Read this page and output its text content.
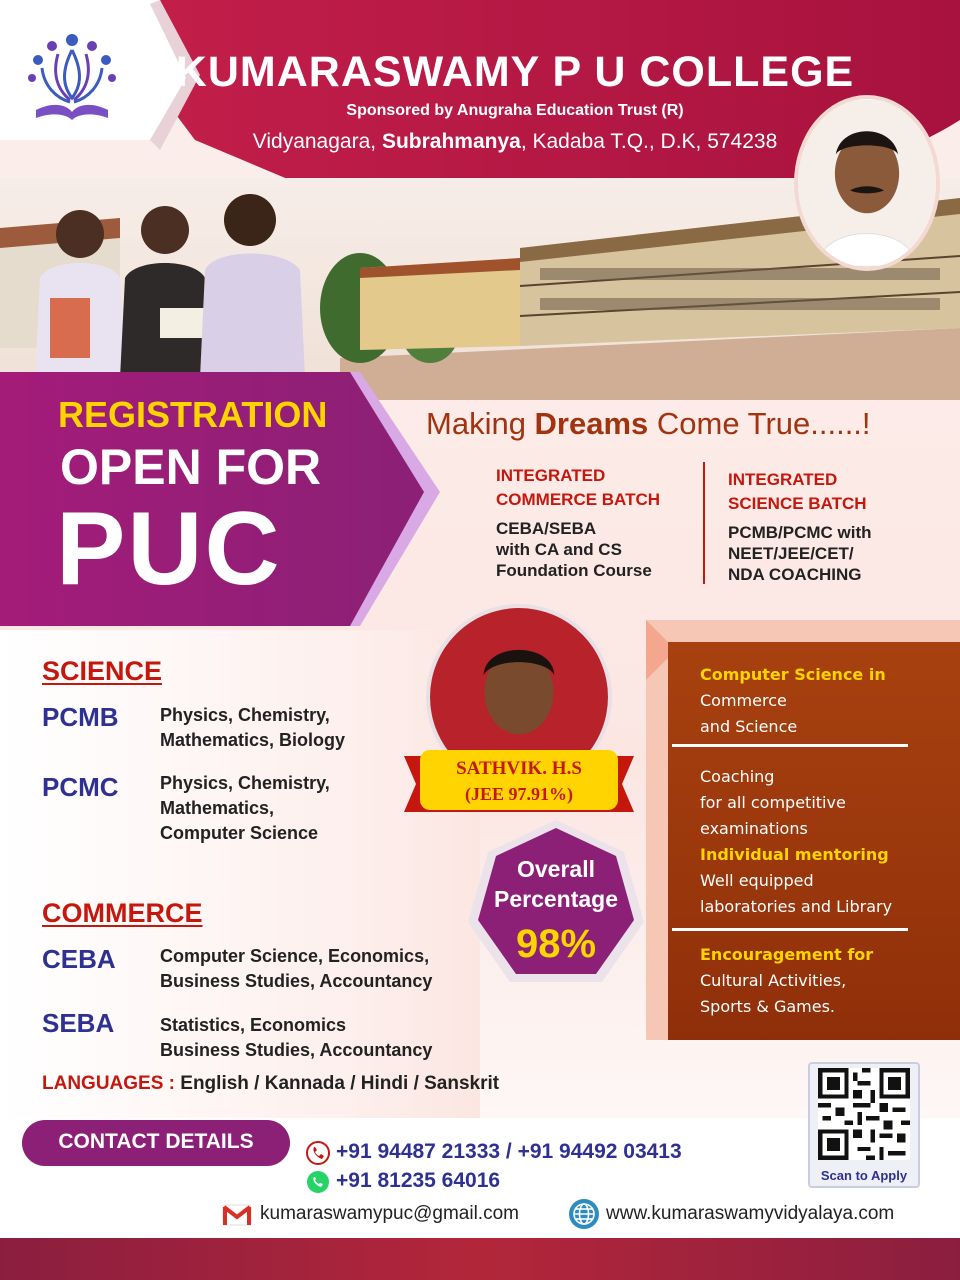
KUMARASWAMY P U COLLEGE
Sponsored by Anugraha Education Trust (R)
Vidyanagara, Subrahmanya, Kadaba T.Q., D.K, 574238
REGISTRATION
OPEN FOR
PUC
Making Dreams Come True......!
INTEGRATED
COMMERCE BATCH
CEBA/SEBA
with CA and CS
Foundation Course
INTEGRATED
SCIENCE BATCH
PCMB/PCMC with
NEET/JEE/CET/
NDA COACHING
SCIENCE
PCMB Physics, Chemistry,
Mathematics, Biology
PCMC Physics, Chemistry,
Mathematics,
Computer Science
COMMERCE
CEBA Computer Science, Economics,
Business Studies, Accountancy
SEBA	Statistics, Economics
Business Studies, Accountancy
LANGUAGES : English / Kannada / Hindi / Sanskrit
SATHVIK. H.S
(JEE 97.91%)
Overall
Percentage
98%
Computer Science in
Commerce
and Science
Coaching
for all competitive
examinations
Individual mentoring
Well equipped
laboratories and Library
Encouragement for
Cultural Activities,
Sports & Games.
CONTACT DETAILS	+91 94487 21333 / +91 94492 03413
+91 81235 64016
kumaraswamypuc@gmail.com	www.kumaraswamyvidyalaya.com
Scan to Apply
